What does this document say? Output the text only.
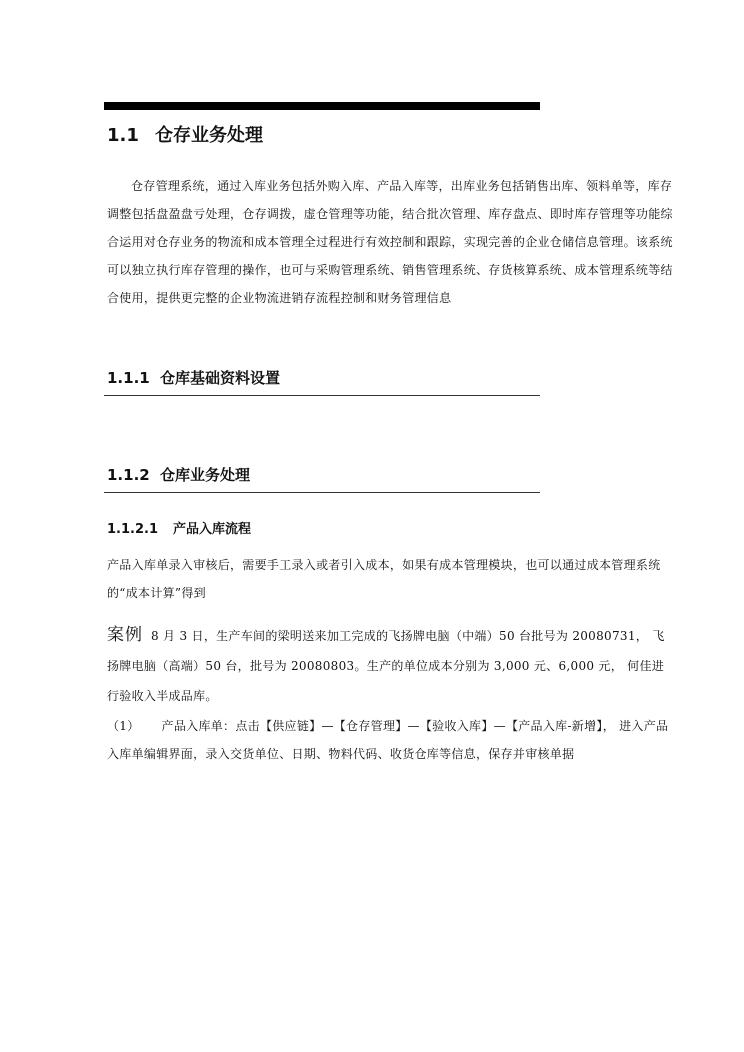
1.1 仓存业务处理
仓存管理系统，通过入库业务包括外购入库、产品入库等，出库业务包括销售出库、领料单等，库存调整包括盘盈盘亏处理，仓存调拨，虚仓管理等功能，结合批次管理、库存盘点、即时库存管理等功能综合运用对仓存业务的物流和成本管理全过程进行有效控制和跟踪，实现完善的企业仓储信息管理。该系统可以独立执行库存管理的操作，也可与采购管理系统、销售管理系统、存货核算系统、成本管理系统等结合使用，提供更完整的企业物流进销存流程控制和财务管理信息
1.1.1 仓库基础资料设置
1.1.2 仓库业务处理
1.1.2.1 产品入库流程
产品入库单录入审核后，需要手工录入或者引入成本，如果有成本管理模块，也可以通过成本管理系统的“成本计算”得到
案例 8 月 3 日，生产车间的梁明送来加工完成的飞扬牌电脑（中端）50 台批号为 20080731， 飞扬牌电脑（高端）50 台，批号为 20080803。生产的单位成本分别为 3,000 元、6,000 元， 何佳进行验收入半成品库。
（1） 产品入库单：点击【供应链】—【仓存管理】—【验收入库】—【产品入库-新增】， 进入产品入库单编辑界面，录入交货单位、日期、物料代码、收货仓库等信息，保存并审核单据
